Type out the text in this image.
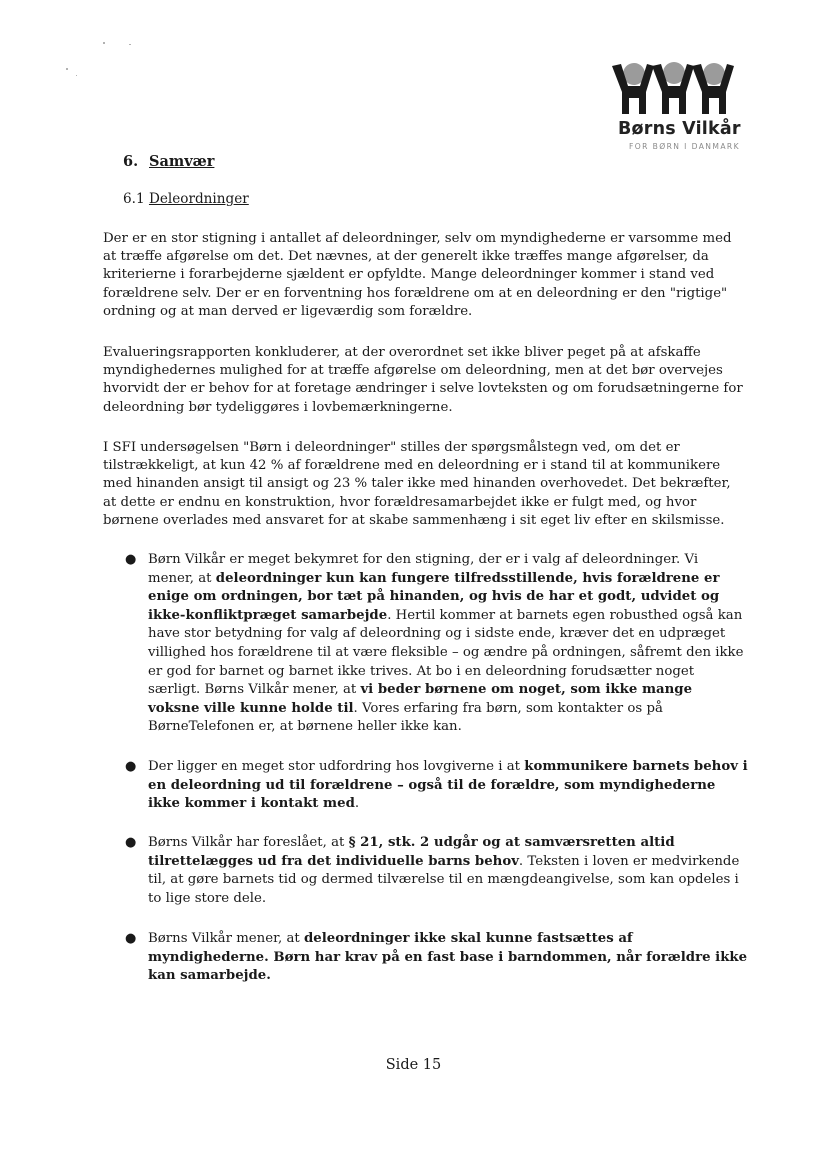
Børns Vilkår
FOR BØRN I DANMARK
6. Samvær
6.1 Deleordninger

Der er en stor stigning i antallet af deleordninger, selv om myndighederne er varsomme med at træffe afgørelse om det. Det nævnes, at der generelt ikke træffes mange afgørelser, da kriterierne i forarbejderne sjældent er opfyldte. Mange deleordninger kommer i stand ved forældrene selv. Der er en forventning hos forældrene om at en deleordning er den "rigtige" ordning og at man derved er ligeværdig som forældre.

Evalueringsrapporten konkluderer, at der overordnet set ikke bliver peget på at afskaffe myndighedernes mulighed for at træffe afgørelse om deleordning, men at det bør overvejes hvorvidt der er behov for at foretage ændringer i selve lovteksten og om forudsætningerne for deleordning bør tydeliggøres i lovbemærkningerne.

I SFI undersøgelsen "Børn i deleordninger" stilles der spørgsmålstegn ved, om det er tilstrækkeligt, at kun 42 % af forældrene med en deleordning er i stand til at kommunikere med hinanden ansigt til ansigt og 23 % taler ikke med hinanden overhovedet. Det bekræfter, at dette er endnu en konstruktion, hvor forældresamarbejdet ikke er fulgt med, og hvor børnene overlades med ansvaret for at skabe sammenhæng i sit eget liv efter en skilsmisse.

● Børn Vilkår er meget bekymret for den stigning, der er i valg af deleordninger. Vi mener, at deleordninger kun kan fungere tilfredsstillende, hvis forældrene er enige om ordningen, bor tæt på hinanden, og hvis de har et godt, udvidet og ikke-konfliktpræget samarbejde. Hertil kommer at barnets egen robusthed også kan have stor betydning for valg af deleordning og i sidste ende, kræver det en udpræget villighed hos forældrene til at være fleksible – og ændre på ordningen, såfremt den ikke er god for barnet og barnet ikke trives. At bo i en deleordning forudsætter noget særligt. Børns Vilkår mener, at vi beder børnene om noget, som ikke mange voksne ville kunne holde til. Vores erfaring fra børn, som kontakter os på BørneTelefonen er, at børnene heller ikke kan.
● Der ligger en meget stor udfordring hos lovgiverne i at kommunikere barnets behov i en deleordning ud til forældrene – også til de forældre, som myndighederne ikke kommer i kontakt med.
● Børns Vilkår har foreslået, at § 21, stk. 2 udgår og at samværsretten altid tilrettelægges ud fra det individuelle barns behov. Teksten i loven er medvirkende til, at gøre barnets tid og dermed tilværelse til en mængdeangivelse, som kan opdeles i to lige store dele.
● Børns Vilkår mener, at deleordninger ikke skal kunne fastsættes af myndighederne. Børn har krav på en fast base i barndommen, når forældre ikke kan samarbejde.
Side 15
